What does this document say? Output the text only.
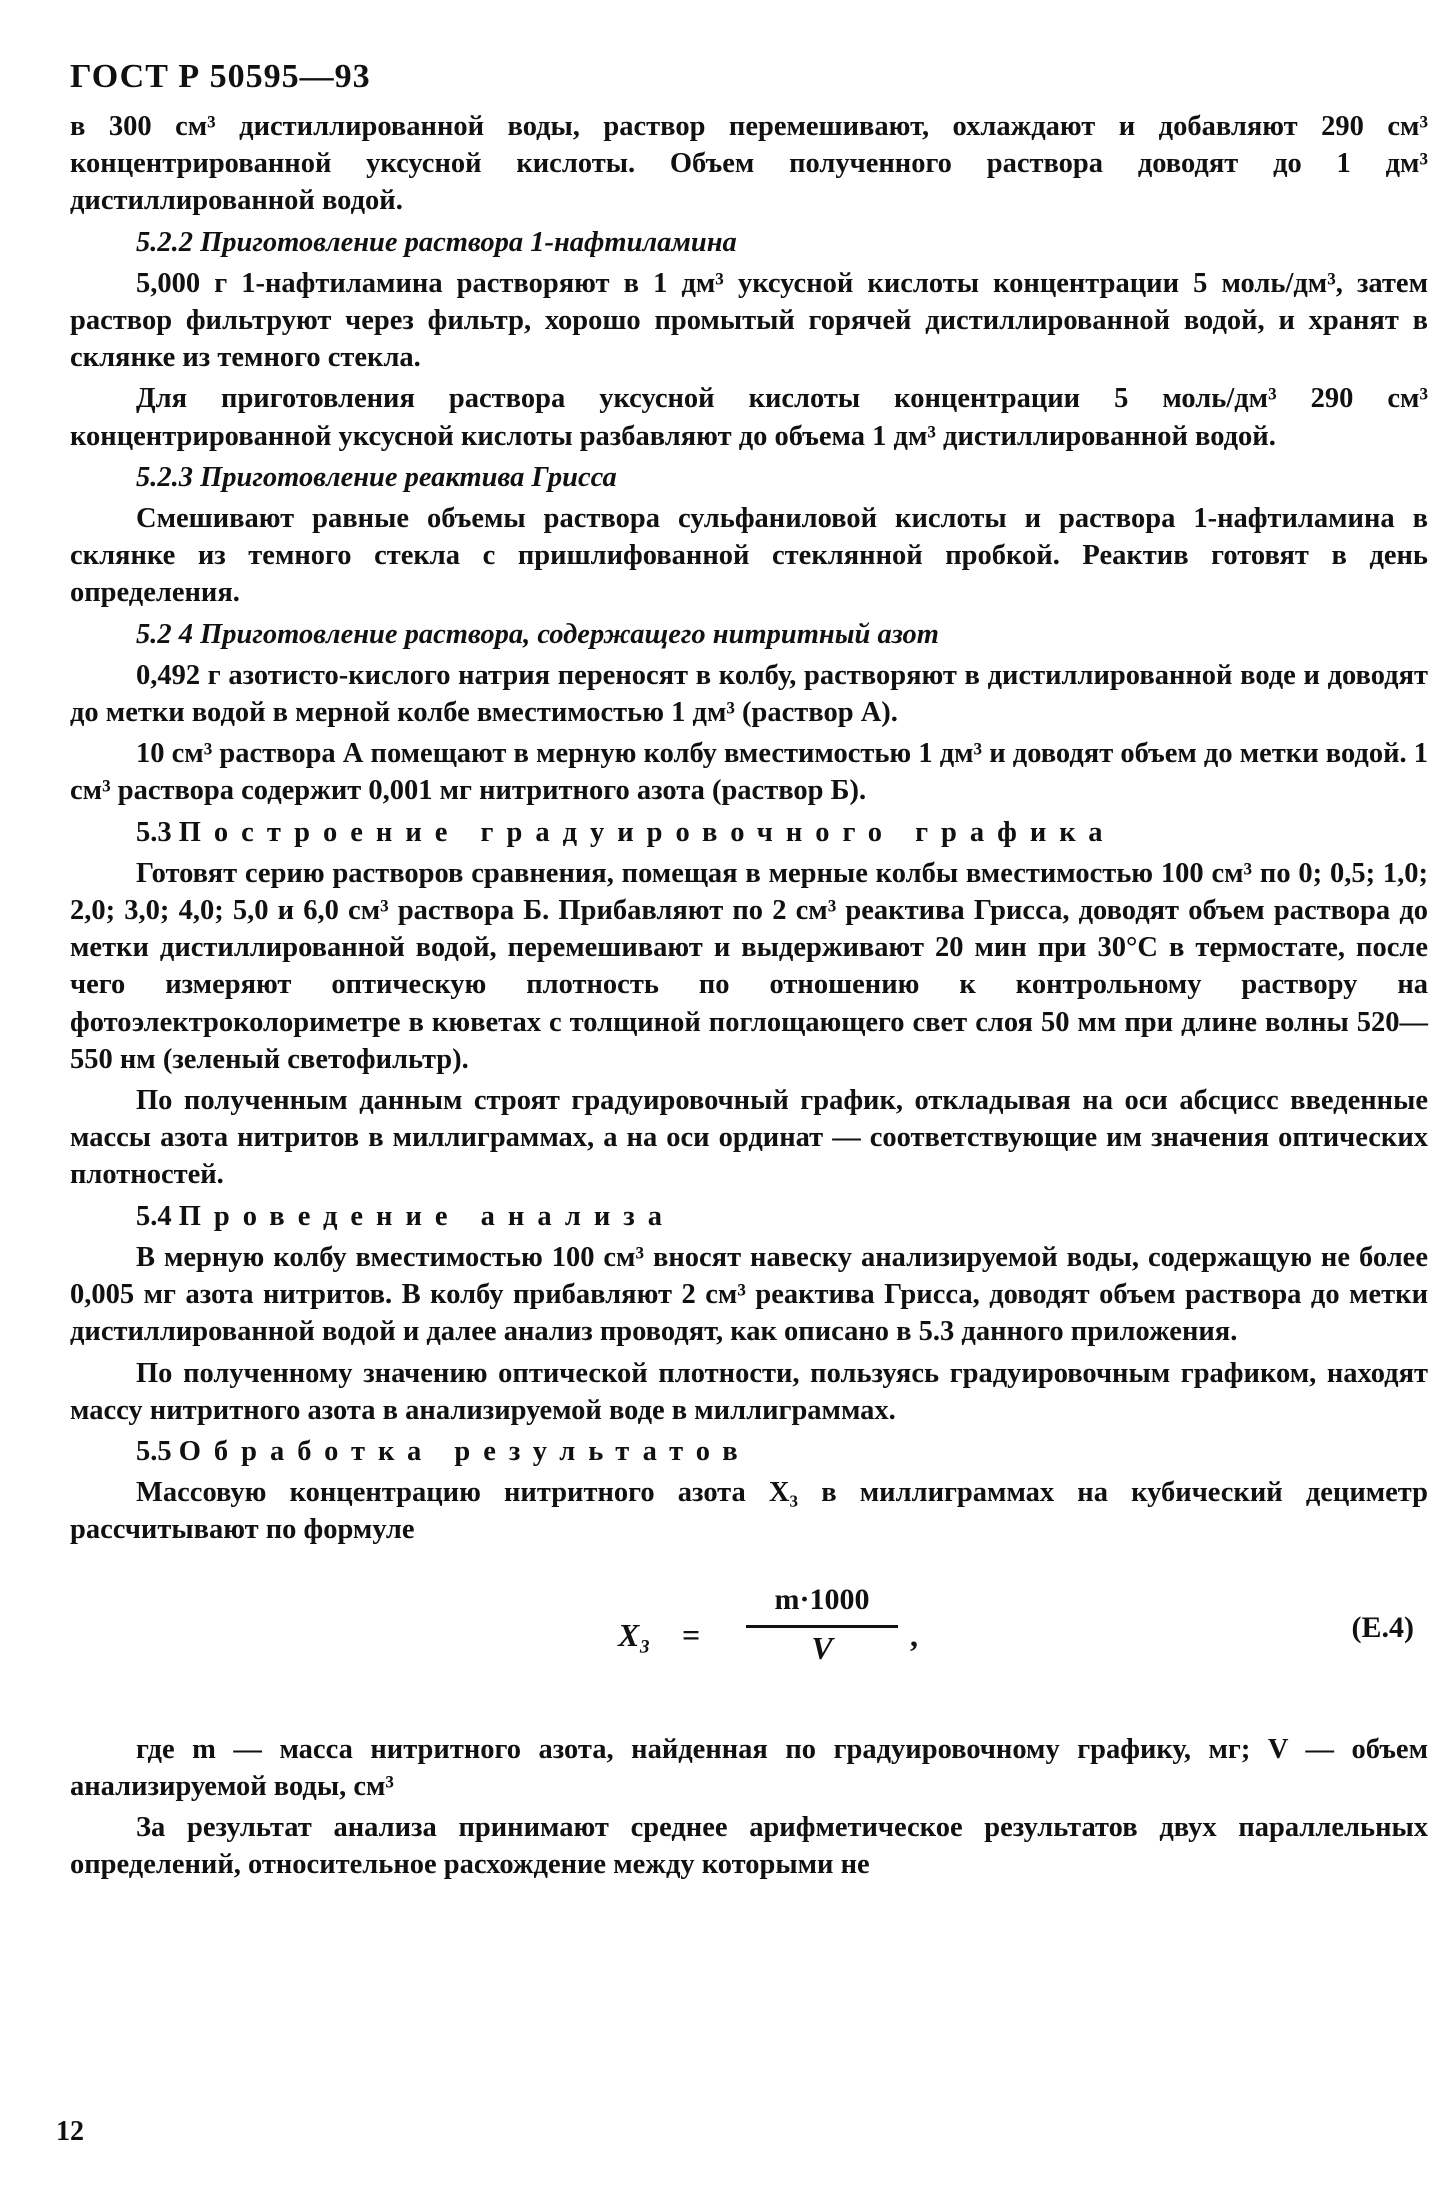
ГОСТ Р 50595—93

в 300 см³ дистиллированной воды, раствор перемешивают, охлаждают и добавляют 290 см³ концентрированной уксусной кислоты. Объем полученного раствора доводят до 1 дм³ дистиллированной водой.

5.2.2 Приготовление раствора 1-нафтиламина

5,000 г 1-нафтиламина растворяют в 1 дм³ уксусной кислоты концентрации 5 моль/дм³, затем раствор фильтруют через фильтр, хорошо промытый горячей дистиллированной водой, и хранят в склянке из темного стекла.

Для приготовления раствора уксусной кислоты концентрации 5 моль/дм³ 290 см³ концентрированной уксусной кислоты разбавляют до объема 1 дм³ дистиллированной водой.

5.2.3 Приготовление реактива Грисса

Смешивают равные объемы раствора сульфаниловой кислоты и раствора 1-нафтиламина в склянке из темного стекла с пришлифованной стеклянной пробкой. Реактив готовят в день определения.

5.2 4 Приготовление раствора, содержащего нитритный азот

0,492 г азотисто-кислого натрия переносят в колбу, растворяют в дистиллированной воде и доводят до метки водой в мерной колбе вместимостью 1 дм³ (раствор А).

10 см³ раствора А помещают в мерную колбу вместимостью 1 дм³ и доводят объем до метки водой. 1 см³ раствора содержит 0,001 мг нитритного азота (раствор Б).

5.3 Построение градуировочного графика

Готовят серию растворов сравнения, помещая в мерные колбы вместимостью 100 см³ по 0; 0,5; 1,0; 2,0; 3,0; 4,0; 5,0 и 6,0 см³ раствора Б. Прибавляют по 2 см³ реактива Грисса, доводят объем раствора до метки дистиллированной водой, перемешивают и выдерживают 20 мин при 30°С в термостате, после чего измеряют оптическую плотность по отношению к контрольному раствору на фотоэлектроколориметре в кюветах с толщиной поглощающего свет слоя 50 мм при длине волны 520—550 нм (зеленый светофильтр).

По полученным данным строят градуировочный график, откладывая на оси абсцисс введенные массы азота нитритов в миллиграммах, а на оси ординат — соответствующие им значения оптических плотностей.

5.4 Проведение анализа

В мерную колбу вместимостью 100 см³ вносят навеску анализируемой воды, содержащую не более 0,005 мг азота нитритов. В колбу прибавляют 2 см³ реактива Грисса, доводят объем раствора до метки дистиллированной водой и далее анализ проводят, как описано в 5.3 данного приложения.

По полученному значению оптической плотности, пользуясь градуировочным графиком, находят массу нитритного азота в анализируемой воде в миллиграммах.

5.5 Обработка результатов

Массовую концентрацию нитритного азота X₃ в миллиграммах на кубический дециметр рассчитывают по формуле

X₃ =
m·1000
V	,	(Е.4)

где m — масса нитритного азота, найденная по градуировочному графику, мг; V — объем анализируемой воды, см³

За результат анализа принимают среднее арифметическое результатов двух параллельных определений, относительное расхождение между которыми не

12
